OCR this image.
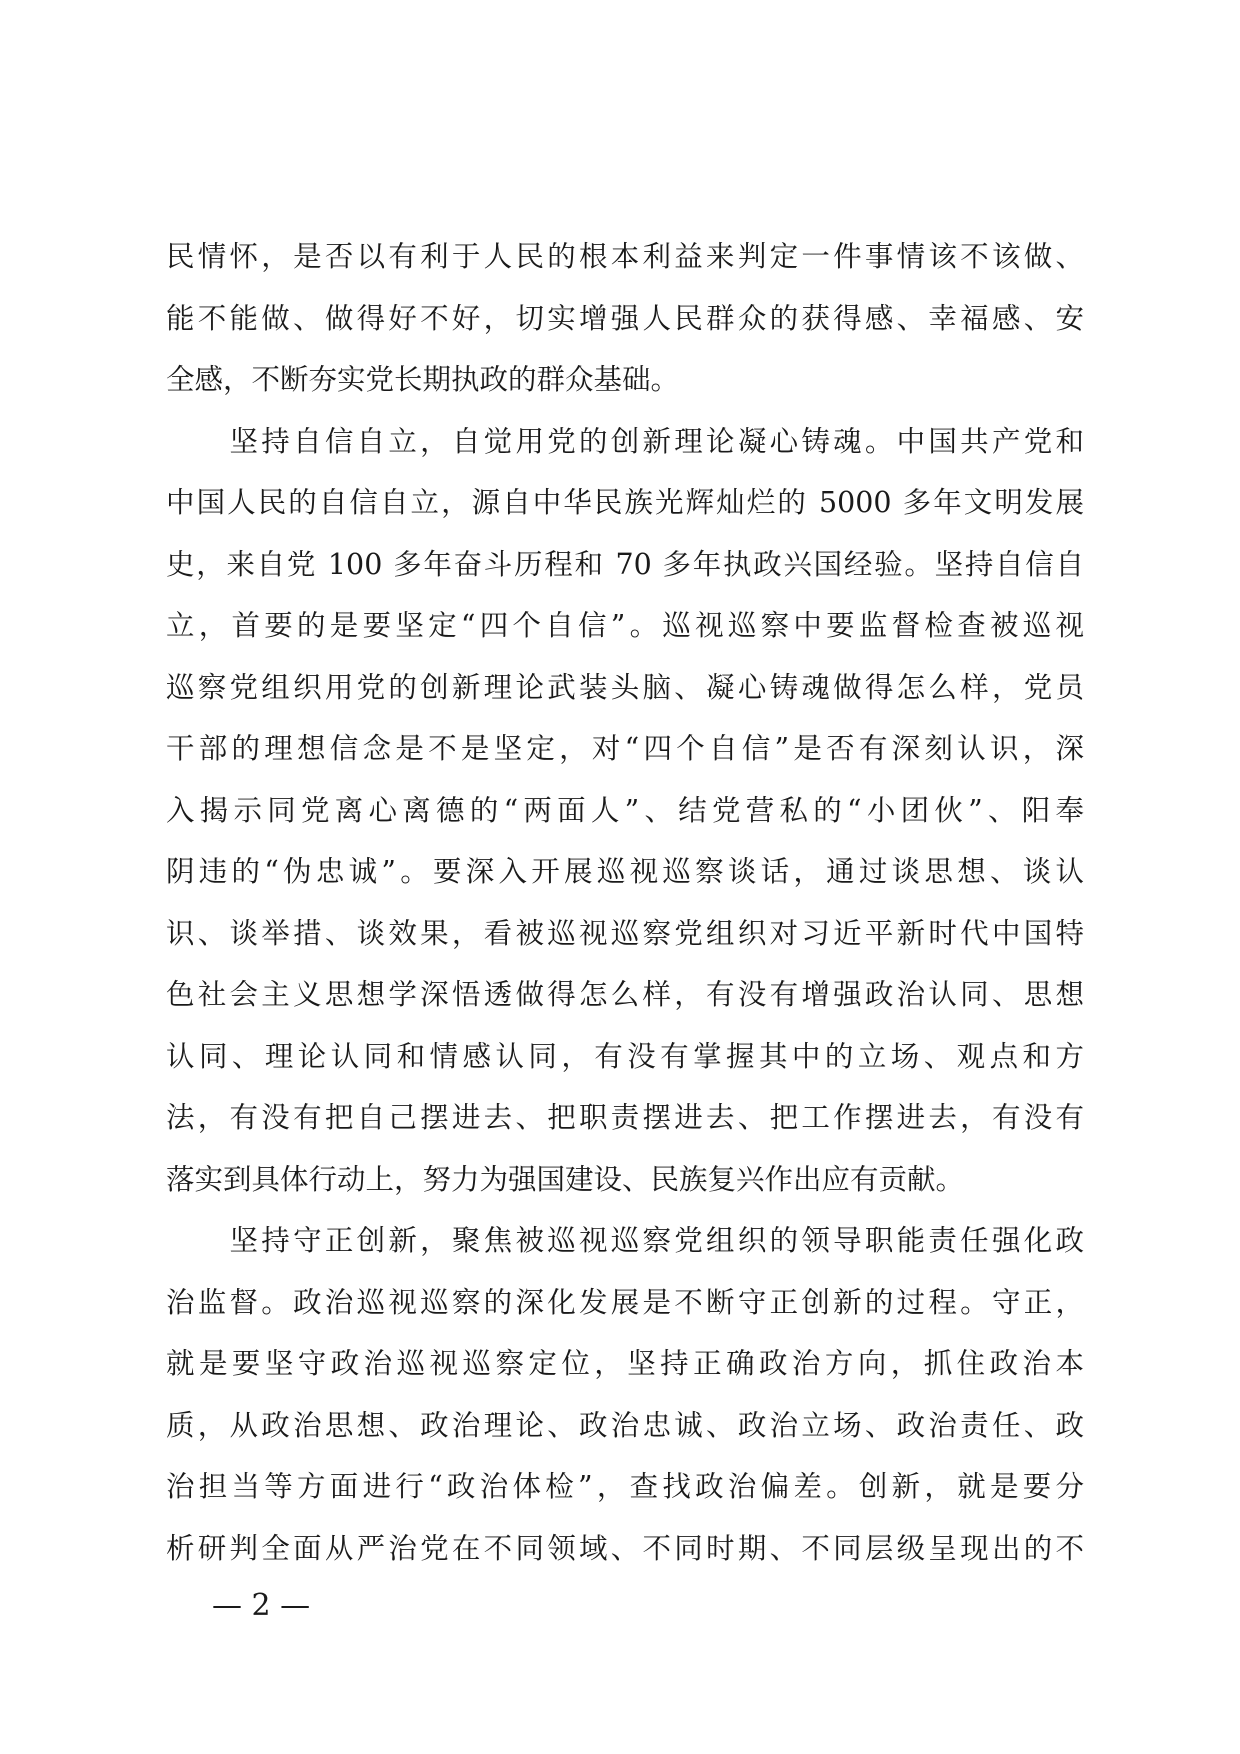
民情怀，是否以有利于人民的根本利益来判定一件事情该不该做、
能不能做、做得好不好，切实增强人民群众的获得感、幸福感、安
全感，不断夯实党长期执政的群众基础。
　　坚持自信自立，自觉用党的创新理论凝心铸魂。中国共产党和
中国人民的自信自立，源自中华民族光辉灿烂的 5000 多年文明发展
史，来自党 100 多年奋斗历程和 70 多年执政兴国经验。坚持自信自
立，首要的是要坚定“四个自信”。巡视巡察中要监督检查被巡视
巡察党组织用党的创新理论武装头脑、凝心铸魂做得怎么样，党员
干部的理想信念是不是坚定，对“四个自信”是否有深刻认识，深
入揭示同党离心离德的“两面人”、结党营私的“小团伙”、阳奉
阴违的“伪忠诚”。要深入开展巡视巡察谈话，通过谈思想、谈认
识、谈举措、谈效果，看被巡视巡察党组织对习近平新时代中国特
色社会主义思想学深悟透做得怎么样，有没有增强政治认同、思想
认同、理论认同和情感认同，有没有掌握其中的立场、观点和方
法，有没有把自己摆进去、把职责摆进去、把工作摆进去，有没有
落实到具体行动上，努力为强国建设、民族复兴作出应有贡献。
　　坚持守正创新，聚焦被巡视巡察党组织的领导职能责任强化政
治监督。政治巡视巡察的深化发展是不断守正创新的过程。守正，
就是要坚守政治巡视巡察定位，坚持正确政治方向，抓住政治本
质，从政治思想、政治理论、政治忠诚、政治立场、政治责任、政
治担当等方面进行“政治体检”，查找政治偏差。创新，就是要分
析研判全面从严治党在不同领域、不同时期、不同层级呈现出的不
— 2 —
